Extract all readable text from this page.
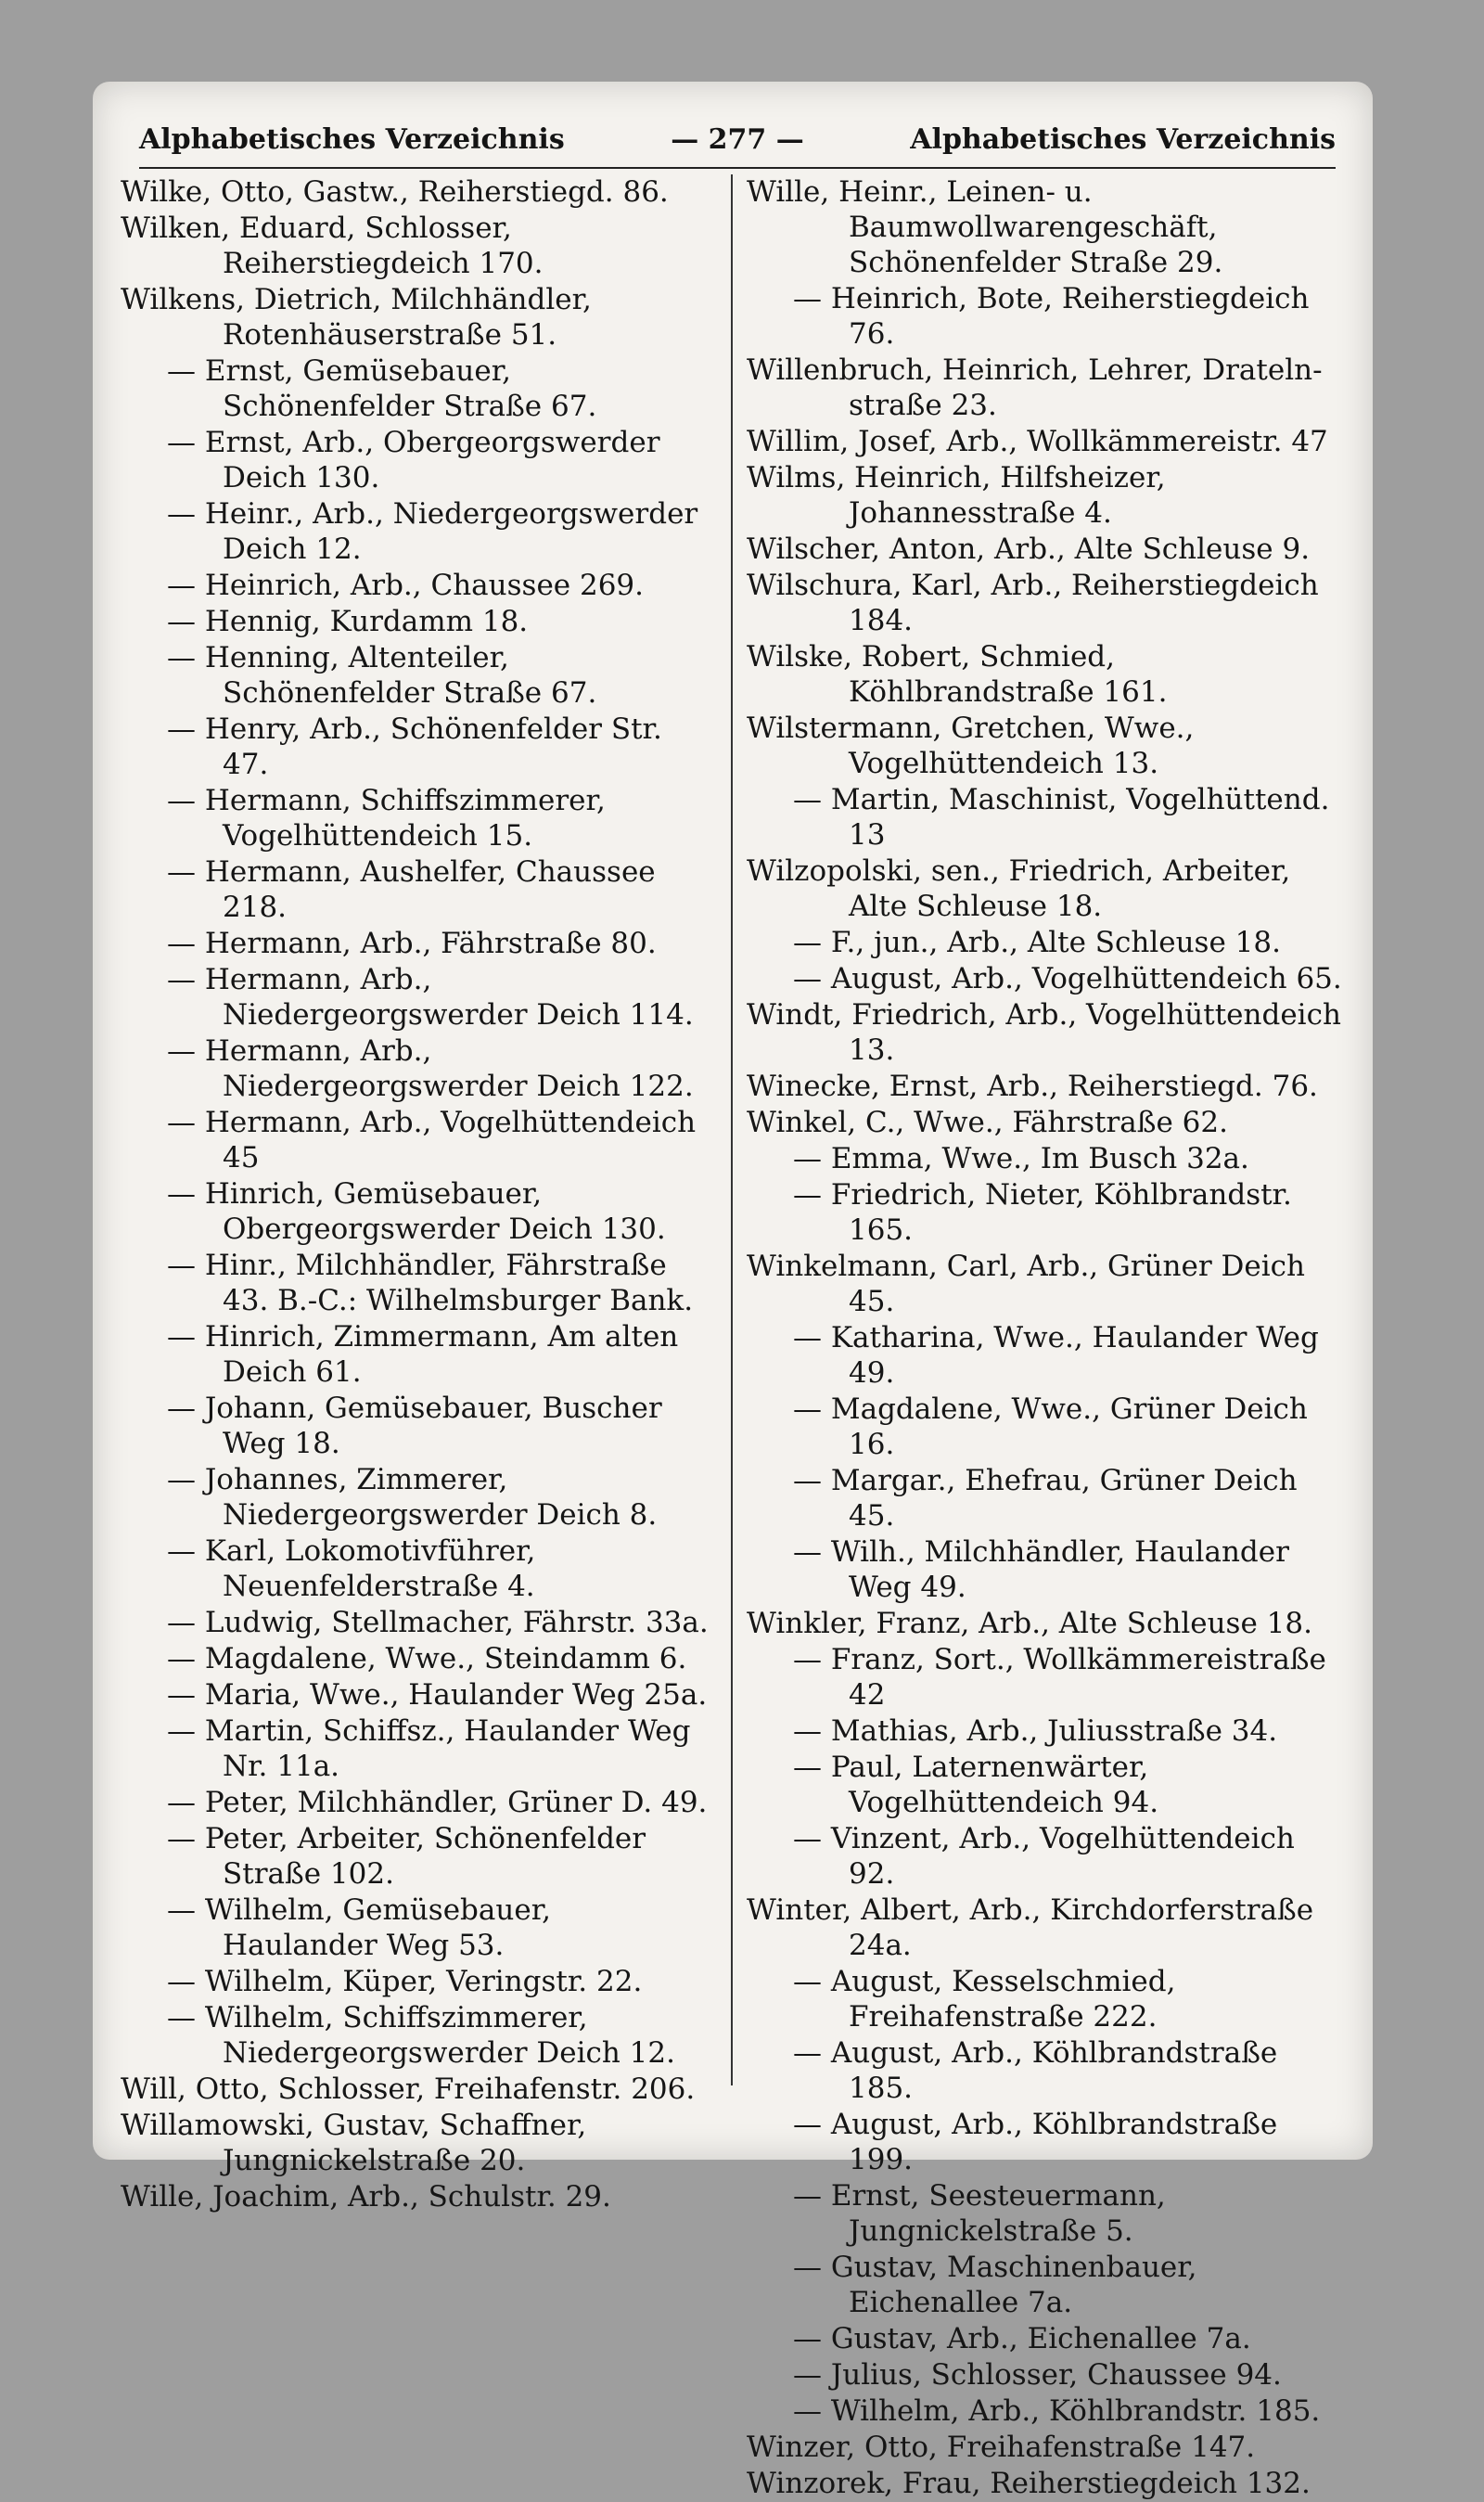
Alphabetisches Verzeichnis	— 277 —	Alphabetisches Verzeichnis
Wilke, Otto, Gastw., Reiherstiegd. 86.
Wilken, Eduard, Schlosser, Reiherstiegdeich 170.
Wilkens, Dietrich, Milchhändler, Rotenhäuserstraße 51.
— Ernst, Gemüsebauer, Schönenfelder Straße 67.
— Ernst, Arb., Obergeorgswerder Deich 130.
— Heinr., Arb., Niedergeorgswerder Deich 12.
— Heinrich, Arb., Chaussee 269.
— Hennig, Kurdamm 18.
— Henning, Altenteiler, Schönenfelder Straße 67.
— Henry, Arb., Schönenfelder Str. 47.
— Hermann, Schiffszimmerer, Vogelhüttendeich 15.
— Hermann, Aushelfer, Chaussee 218.
— Hermann, Arb., Fährstraße 80.
— Hermann, Arb., Niedergeorgswerder Deich 114.
— Hermann, Arb., Niedergeorgswerder Deich 122.
— Hermann, Arb., Vogelhüttendeich 45
— Hinrich, Gemüsebauer, Obergeorgswerder Deich 130.
— Hinr., Milchhändler, Fährstraße 43. B.-C.: Wilhelmsburger Bank.
— Hinrich, Zimmermann, Am alten Deich 61.
— Johann, Gemüsebauer, Buscher Weg 18.
— Johannes, Zimmerer, Niedergeorgswerder Deich 8.
— Karl, Lokomotivführer, Neuenfelderstraße 4.
— Ludwig, Stellmacher, Fährstr. 33a.
— Magdalene, Wwe., Steindamm 6.
— Maria, Wwe., Haulander Weg 25a.
— Martin, Schiffsz., Haulander Weg Nr. 11a.
— Peter, Milchhändler, Grüner D. 49.
— Peter, Arbeiter, Schönenfelder Straße 102.
— Wilhelm, Gemüsebauer, Haulander Weg 53.
— Wilhelm, Küper, Veringstr. 22.
— Wilhelm, Schiffszimmerer, Niedergeorgswerder Deich 12.
Will, Otto, Schlosser, Freihafenstr. 206.
Willamowski, Gustav, Schaffner, Jungnickelstraße 20.
Wille, Joachim, Arb., Schulstr. 29.
Wille, Heinr., Leinen- u. Baumwollwarengeschäft, Schönenfelder Straße 29.
— Heinrich, Bote, Reiherstiegdeich 76.
Willenbruch, Heinrich, Lehrer, Drateln-straße 23.
Willim, Josef, Arb., Wollkämmereistr. 47
Wilms, Heinrich, Hilfsheizer, Johannesstraße 4.
Wilscher, Anton, Arb., Alte Schleuse 9.
Wilschura, Karl, Arb., Reiherstiegdeich 184.
Wilske, Robert, Schmied, Köhlbrandstraße 161.
Wilstermann, Gretchen, Wwe., Vogelhüttendeich 13.
— Martin, Maschinist, Vogelhüttend. 13
Wilzopolski, sen., Friedrich, Arbeiter, Alte Schleuse 18.
— F., jun., Arb., Alte Schleuse 18.
— August, Arb., Vogelhüttendeich 65.
Windt, Friedrich, Arb., Vogelhüttendeich 13.
Winecke, Ernst, Arb., Reiherstiegd. 76.
Winkel, C., Wwe., Fährstraße 62.
— Emma, Wwe., Im Busch 32a.
— Friedrich, Nieter, Köhlbrandstr. 165.
Winkelmann, Carl, Arb., Grüner Deich 45.
— Katharina, Wwe., Haulander Weg 49.
— Magdalene, Wwe., Grüner Deich 16.
— Margar., Ehefrau, Grüner Deich 45.
— Wilh., Milchhändler, Haulander Weg 49.
Winkler, Franz, Arb., Alte Schleuse 18.
— Franz, Sort., Wollkämmereistraße 42
— Mathias, Arb., Juliusstraße 34.
— Paul, Laternenwärter, Vogelhüttendeich 94.
— Vinzent, Arb., Vogelhüttendeich 92.
Winter, Albert, Arb., Kirchdorferstraße 24a.
— August, Kesselschmied, Freihafenstraße 222.
— August, Arb., Köhlbrandstraße 185.
— August, Arb., Köhlbrandstraße 199.
— Ernst, Seesteuermann, Jungnickelstraße 5.
— Gustav, Maschinenbauer, Eichenallee 7a.
— Gustav, Arb., Eichenallee 7a.
— Julius, Schlosser, Chaussee 94.
— Wilhelm, Arb., Köhlbrandstr. 185.
Winzer, Otto, Freihafenstraße 147.
Winzorek, Frau, Reiherstiegdeich 132.
